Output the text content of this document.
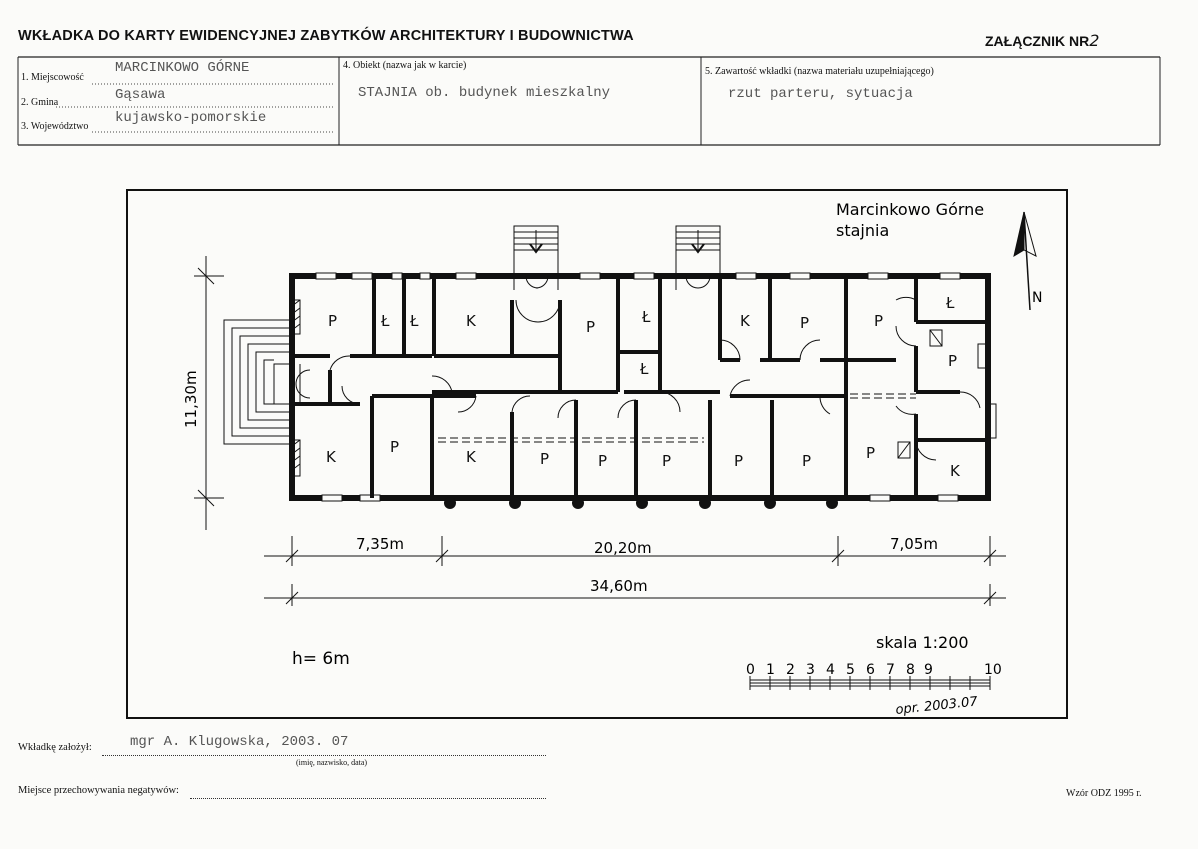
WKŁADKA DO KARTY EWIDENCYJNEJ ZABYTKÓW ARCHITEKTURY I BUDOWNICTWA	ZAŁĄCZNIK NR2
1. Miejscowość
MARCINKOWO GÓRNE
2. Gmina	Gąsawa
3. Województwo
kujawsko-pomorskie
4. Obiekt (nazwa jak w karcie)
STAJNIA ob. budynek mieszkalny
5. Zawartość wkładki (nazwa materiału uzupełniającego)
rzut parteru, sytuacja
P	Ł Ł	K	P
Ł
Ł
K	P	P
Ł
P
K
P
K	P	P	P	P	P	P
K
11,30m
7,35m	20,20m	7,05m
34,60m
Marcinkowo Górne
stajnia
N
h= 6m
skala 1:200
0 1 2 3 4 5 6 7 8 9	10
opr. 2003.07
Wkładkę założył:	mgr A. Klugowska, 2003. 07
(imię, nazwisko, data)
Miejsce przechowywania negatywów:	Wzór ODZ 1995 r.
